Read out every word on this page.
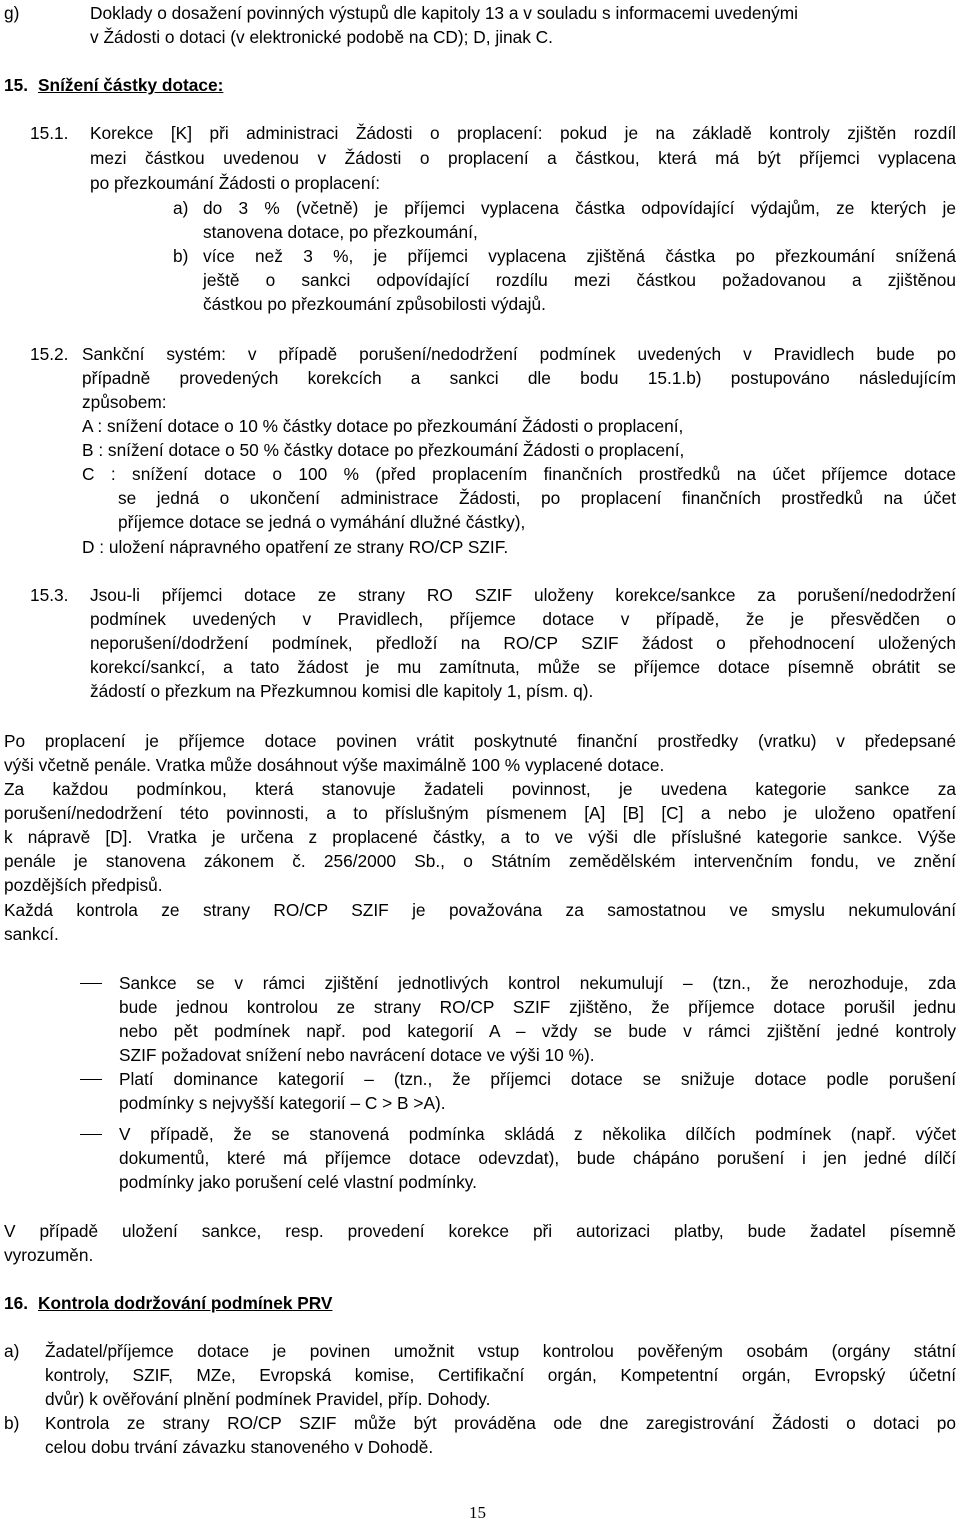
g)	Doklady o dosažení povinných výstupů dle kapitoly 13 a v souladu s informacemi uvedenými
v Žádosti o dotaci (v elektronické podobě na CD); D, jinak C.
15. Snížení částky dotace:
15.1. Korekce [K] při administraci Žádosti o proplacení: pokud je na základě kontroly zjištěn rozdíl
mezi částkou uvedenou v Žádosti o proplacení a částkou, která má být příjemci vyplacena
po přezkoumání Žádosti o proplacení:
a) do 3 % (včetně) je příjemci vyplacena částka odpovídající výdajům, ze kterých je
stanovena dotace, po přezkoumání,
b) více než 3 %, je příjemci vyplacena zjištěná částka po přezkoumání snížená
ještě o sankci odpovídající rozdílu mezi částkou požadovanou a zjištěnou
částkou po přezkoumání způsobilosti výdajů.
15.2. Sankční systém: v případě porušení/nedodržení podmínek uvedených v Pravidlech bude po
případně provedených korekcích a sankci dle bodu 15.1.b) postupováno následujícím
způsobem:
A : snížení dotace o 10 % částky dotace po přezkoumání Žádosti o proplacení,
B : snížení dotace o 50 % částky dotace po přezkoumání Žádosti o proplacení,
C : snížení dotace o 100 % (před proplacením finančních prostředků na účet příjemce dotace
se jedná o ukončení administrace Žádosti, po proplacení finančních prostředků na účet
příjemce dotace se jedná o vymáhání dlužné částky),
D : uložení nápravného opatření ze strany RO/CP SZIF.
15.3. Jsou-li příjemci dotace ze strany RO SZIF uloženy korekce/sankce za porušení/nedodržení
podmínek uvedených v Pravidlech, příjemce dotace v případě, že je přesvědčen o
neporušení/dodržení podmínek, předloží na RO/CP SZIF žádost o přehodnocení uložených
korekcí/sankcí, a tato žádost je mu zamítnuta, může se příjemce dotace písemně obrátit se
žádostí o přezkum na Přezkumnou komisi dle kapitoly 1, písm. q).
Po proplacení je příjemce dotace povinen vrátit poskytnuté finanční prostředky (vratku) v předepsané
výši včetně penále. Vratka může dosáhnout výše maximálně 100 % vyplacené dotace.
Za každou podmínkou, která stanovuje žadateli povinnost, je uvedena kategorie sankce za
porušení/nedodržení této povinnosti, a to příslušným písmenem [A] [B] [C] a nebo je uloženo opatření
k nápravě [D]. Vratka je určena z proplacené částky, a to ve výši dle příslušné kategorie sankce. Výše
penále je stanovena zákonem č. 256/2000 Sb., o Státním zemědělském intervenčním fondu, ve znění
pozdějších předpisů.
Každá kontrola ze strany RO/CP SZIF je považována za samostatnou ve smyslu nekumulování
sankcí.
Sankce se v rámci zjištění jednotlivých kontrol nekumulují – (tzn., že nerozhoduje, zda
bude jednou kontrolou ze strany RO/CP SZIF zjištěno, že příjemce dotace porušil jednu
nebo pět podmínek např. pod kategorií A – vždy se bude v rámci zjištění jedné kontroly
SZIF požadovat snížení nebo navrácení dotace ve výši 10 %).
Platí dominance kategorií – (tzn., že příjemci dotace se snižuje dotace podle porušení
podmínky s nejvyšší kategorií – C > B >A).
V případě, že se stanovená podmínka skládá z několika dílčích podmínek (např. výčet
dokumentů, které má příjemce dotace odevzdat), bude chápáno porušení i jen jedné dílčí
podmínky jako porušení celé vlastní podmínky.
V případě uložení sankce, resp. provedení korekce při autorizaci platby, bude žadatel písemně
vyrozuměn.
16. Kontrola dodržování podmínek PRV
a) Žadatel/příjemce dotace je povinen umožnit vstup kontrolou pověřeným osobám (orgány státní
kontroly, SZIF, MZe, Evropská komise, Certifikační orgán, Kompetentní orgán, Evropský účetní
dvůr) k ověřování plnění podmínek Pravidel, příp. Dohody.
b) Kontrola ze strany RO/CP SZIF může být prováděna ode dne zaregistrování Žádosti o dotaci po
celou dobu trvání závazku stanoveného v Dohodě.
15
